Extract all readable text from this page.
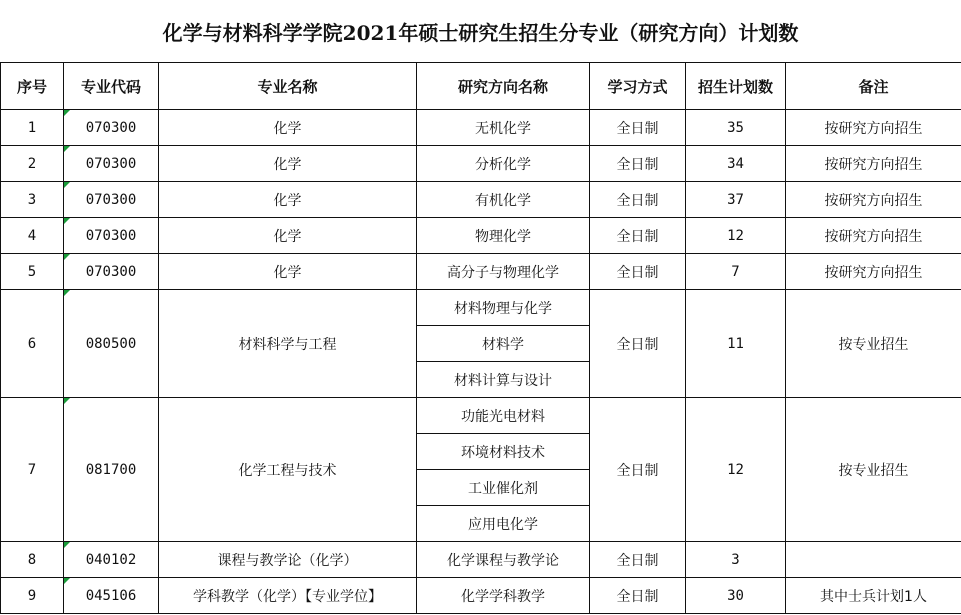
化学与材料科学学院2021年硕士研究生招生分专业（研究方向）计划数
序号	专业代码	专业名称	研究方向名称	学习方式	招生计划数	备注
1	070300	化学	无机化学	全日制	35	按研究方向招生
2	070300	化学	分析化学	全日制	34	按研究方向招生
3	070300	化学	有机化学	全日制	37	按研究方向招生
4	070300	化学	物理化学	全日制	12	按研究方向招生
5	070300	化学	高分子与物理化学	全日制	7	按研究方向招生
6	080500	材料科学与工程	材料物理与化学	全日制	11	按专业招生
			材料学			
			材料计算与设计			
7	081700	化学工程与技术	功能光电材料	全日制	12	按专业招生
			环境材料技术			
			工业催化剂			
			应用电化学			
8	040102	课程与教学论（化学）	化学课程与教学论	全日制	3	
9	045106	学科教学（化学）【专业学位】	化学学科教学	全日制	30	其中士兵计划1人
